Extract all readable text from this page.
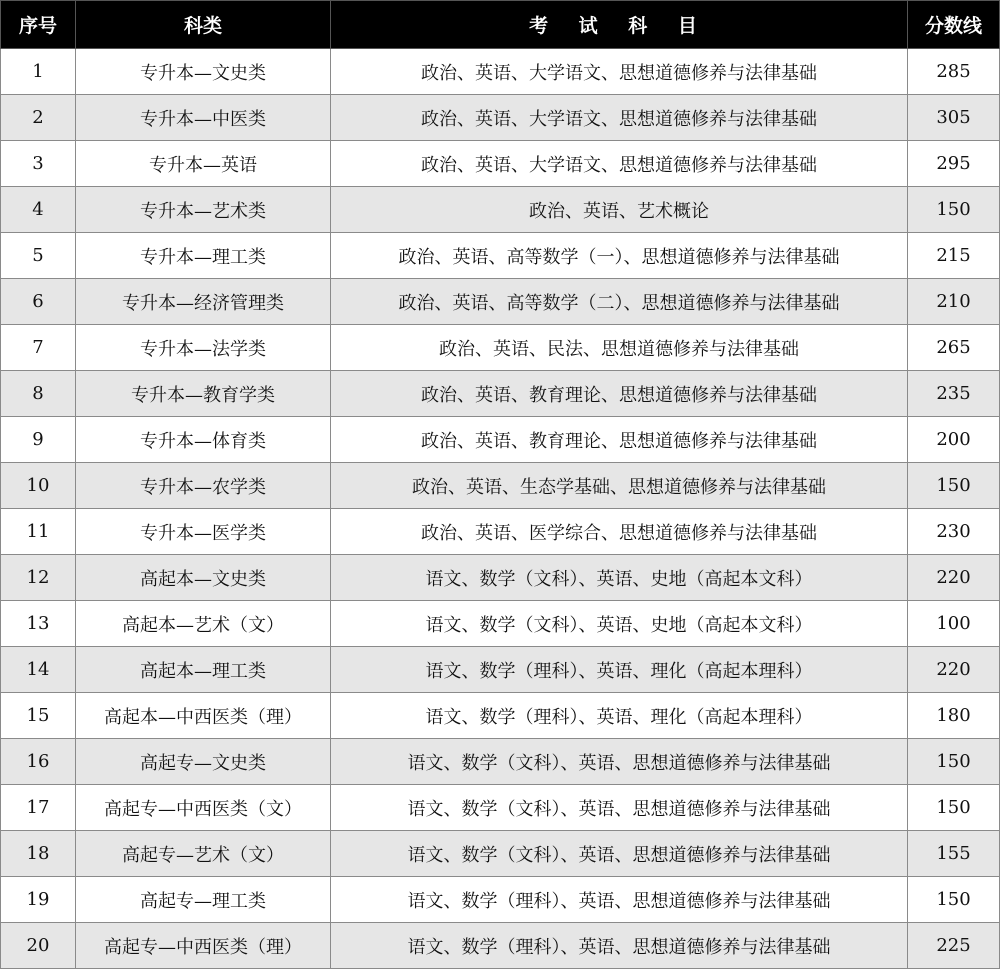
序号	科类	考 试 科 目	分数线
1	专升本—文史类	政治、英语、大学语文、思想道德修养与法律基础	285
2	专升本—中医类	政治、英语、大学语文、思想道德修养与法律基础	305
3	专升本—英语	政治、英语、大学语文、思想道德修养与法律基础	295
4	专升本—艺术类	政治、英语、艺术概论	150
5	专升本—理工类	政治、英语、高等数学（一）、思想道德修养与法律基础	215
6	专升本—经济管理类	政治、英语、高等数学（二）、思想道德修养与法律基础	210
7	专升本—法学类	政治、英语、民法、思想道德修养与法律基础	265
8	专升本—教育学类	政治、英语、教育理论、思想道德修养与法律基础	235
9	专升本—体育类	政治、英语、教育理论、思想道德修养与法律基础	200
10	专升本—农学类	政治、英语、生态学基础、思想道德修养与法律基础	150
11	专升本—医学类	政治、英语、医学综合、思想道德修养与法律基础	230
12	高起本—文史类	语文、数学（文科）、英语、史地（高起本文科）	220
13	高起本—艺术（文）	语文、数学（文科）、英语、史地（高起本文科）	100
14	高起本—理工类	语文、数学（理科）、英语、理化（高起本理科）	220
15	高起本—中西医类（理）	语文、数学（理科）、英语、理化（高起本理科）	180
16	高起专—文史类	语文、数学（文科）、英语、思想道德修养与法律基础	150
17	高起专—中西医类（文）	语文、数学（文科）、英语、思想道德修养与法律基础	150
18	高起专—艺术（文）	语文、数学（文科）、英语、思想道德修养与法律基础	155
19	高起专—理工类	语文、数学（理科）、英语、思想道德修养与法律基础	150
20	高起专—中西医类（理）	语文、数学（理科）、英语、思想道德修养与法律基础	225
